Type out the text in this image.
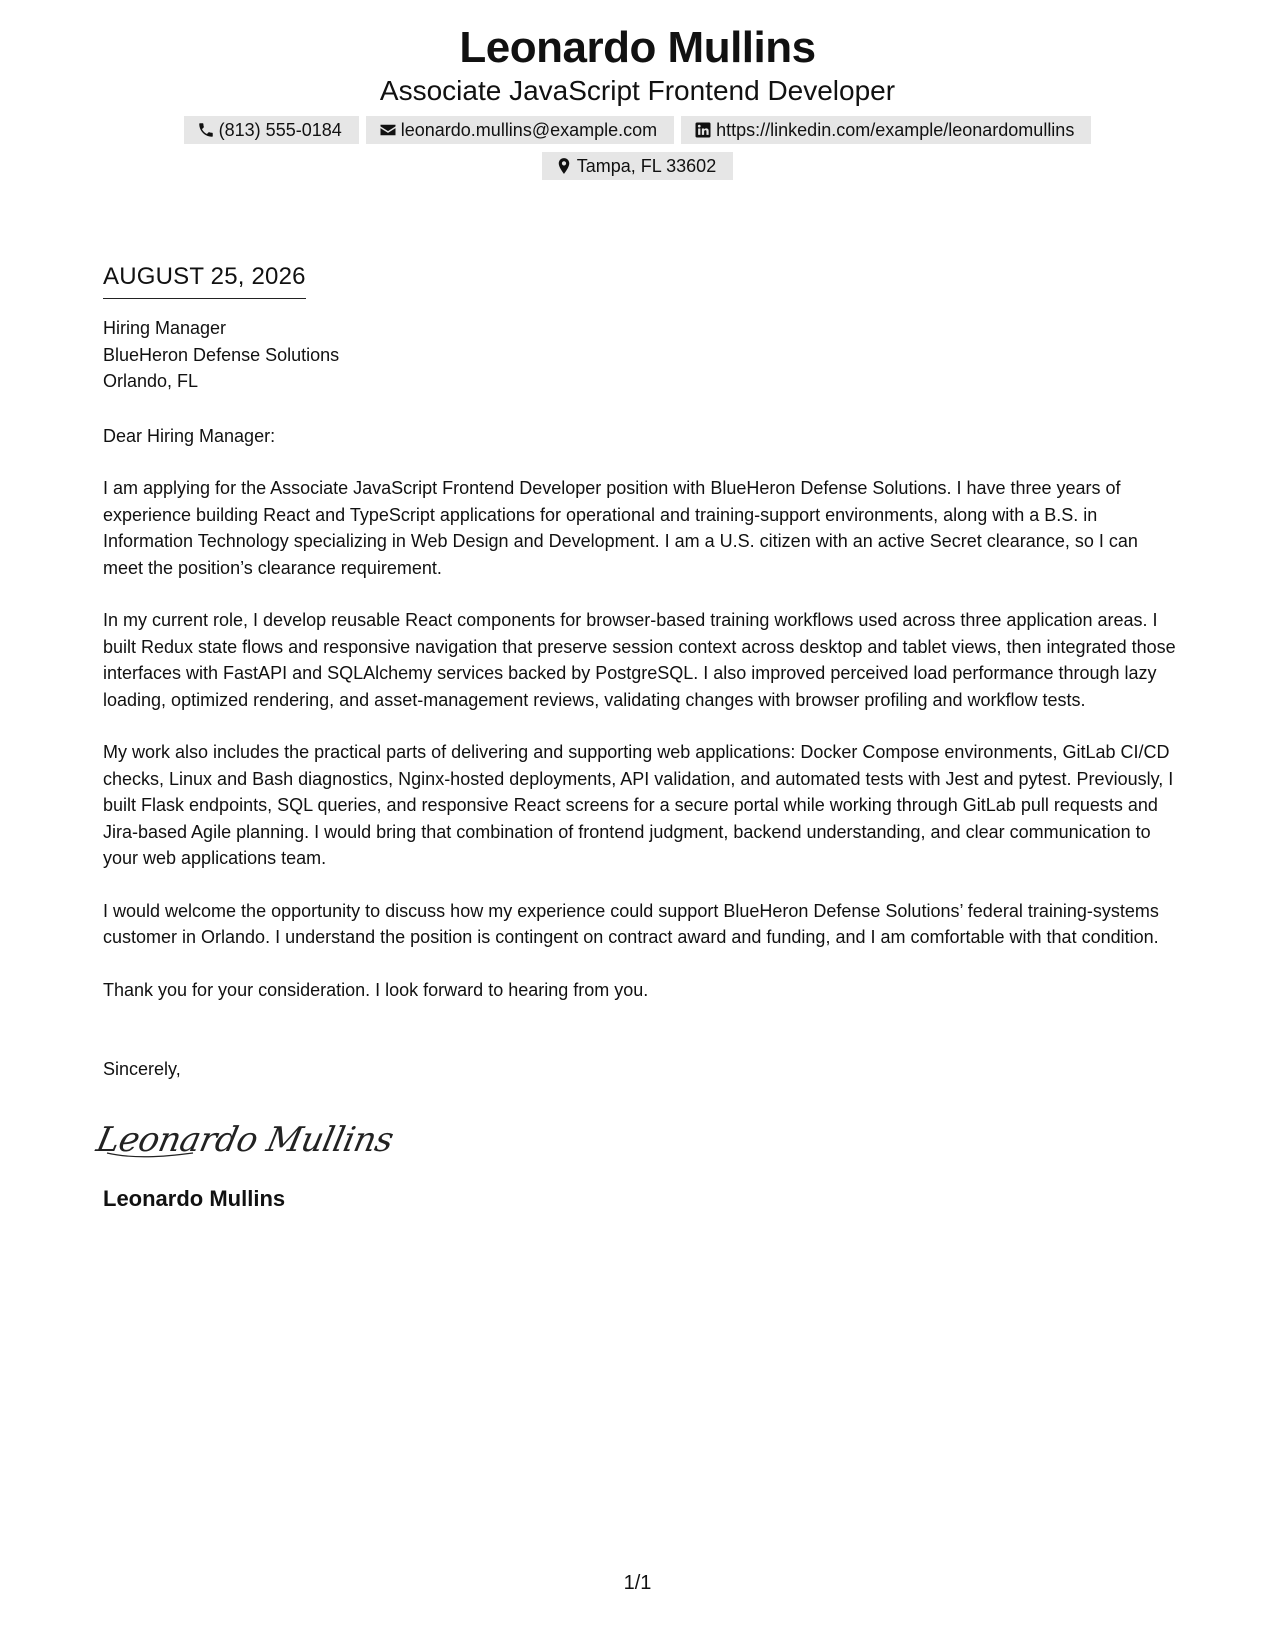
Leonardo Mullins
Associate JavaScript Frontend Developer
(813) 555-0184	leonardo.mullins@example.com	https://linkedin.com/example/leonardomullins
Tampa, FL 33602
AUGUST 25, 2026
Hiring Manager
BlueHeron Defense Solutions
Orlando, FL
Dear Hiring Manager:
I am applying for the Associate JavaScript Frontend Developer position with BlueHeron Defense Solutions. I have three years of experience building React and TypeScript applications for operational and training-support environments, along with a B.S. in Information Technology specializing in Web Design and Development. I am a U.S. citizen with an active Secret clearance, so I can meet the position’s clearance requirement.
In my current role, I develop reusable React components for browser-based training workflows used across three application areas. I built Redux state flows and responsive navigation that preserve session context across desktop and tablet views, then integrated those interfaces with FastAPI and SQLAlchemy services backed by PostgreSQL. I also improved perceived load performance through lazy loading, optimized rendering, and asset-management reviews, validating changes with browser profiling and workflow tests.
My work also includes the practical parts of delivering and supporting web applications: Docker Compose environments, GitLab CI/CD checks, Linux and Bash diagnostics, Nginx-hosted deployments, API validation, and automated tests with Jest and pytest. Previously, I built Flask endpoints, SQL queries, and responsive React screens for a secure portal while working through GitLab pull requests and Jira-based Agile planning. I would bring that combination of frontend judgment, backend understanding, and clear communication to your web applications team.
I would welcome the opportunity to discuss how my experience could support BlueHeron Defense Solutions’ federal training-systems customer in Orlando. I understand the position is contingent on contract award and funding, and I am comfortable with that condition.
Thank you for your consideration. I look forward to hearing from you.
Sincerely,
Leonardo Mullins
Leonardo Mullins
1/1
